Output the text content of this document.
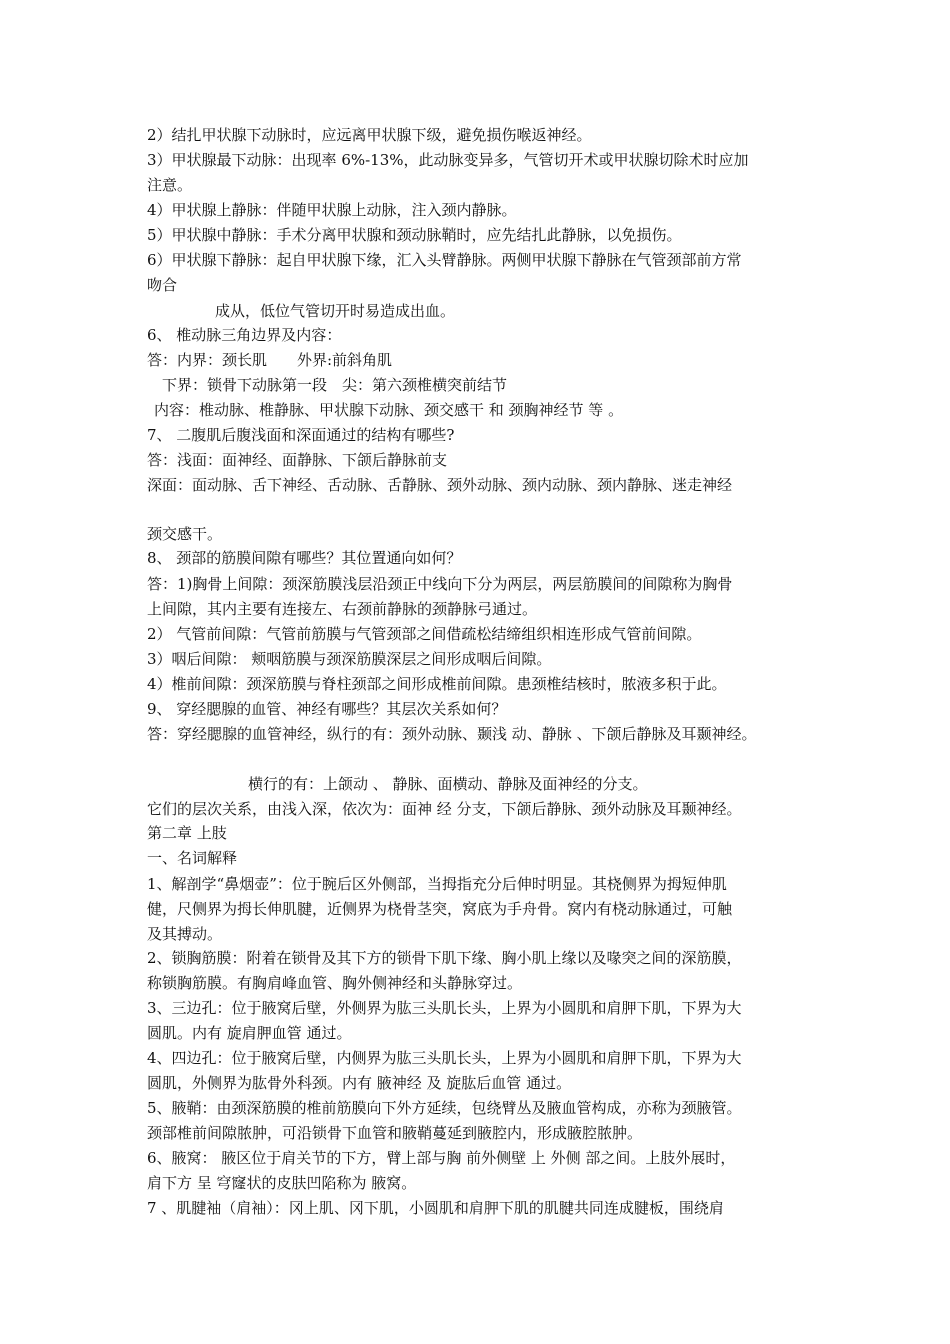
2）结扎甲状腺下动脉时，应远离甲状腺下级，避免损伤喉返神经。
3）甲状腺最下动脉：出现率 6%-13%，此动脉变异多，气管切开术或甲状腺切除术时应加
注意。
4）甲状腺上静脉：伴随甲状腺上动脉，注入颈内静脉。
5）甲状腺中静脉：手术分离甲状腺和颈动脉鞘时，应先结扎此静脉，以免损伤。
6）甲状腺下静脉：起自甲状腺下缘，汇入头臂静脉。两侧甲状腺下静脉在气管颈部前方常
吻合
成从，低位气管切开时易造成出血。
6、 椎动脉三角边界及内容：
答：内界：颈长肌　　外界:前斜角肌
下界：锁骨下动脉第一段　尖：第六颈椎横突前结节
内容：椎动脉、椎静脉、甲状腺下动脉、颈交感干 和 颈胸神经节 等 。
7、 二腹肌后腹浅面和深面通过的结构有哪些?
答：浅面：面神经、面静脉、下颌后静脉前支
深面：面动脉、舌下神经、舌动脉、舌静脉、颈外动脉、颈内动脉、颈内静脉、迷走神经
颈交感干。
8、 颈部的筋膜间隙有哪些？其位置通向如何？
答：1)胸骨上间隙：颈深筋膜浅层沿颈正中线向下分为两层，两层筋膜间的间隙称为胸骨
上间隙，其内主要有连接左、右颈前静脉的颈静脉弓通过。
2） 气管前间隙：气管前筋膜与气管颈部之间借疏松结缔组织相连形成气管前间隙。
3）咽后间隙： 颊咽筋膜与颈深筋膜深层之间形成咽后间隙。
4）椎前间隙：颈深筋膜与脊柱颈部之间形成椎前间隙。患颈椎结核时，脓液多积于此。
9、 穿经腮腺的血管、神经有哪些？其层次关系如何？
答：穿经腮腺的血管神经，纵行的有：颈外动脉、颞浅 动、静脉 、下颌后静脉及耳颞神经。
横行的有：上颌动 、 静脉、面横动、静脉及面神经的分支。
它们的层次关系，由浅入深，依次为：面神 经 分支，下颌后静脉、颈外动脉及耳颞神经。
第二章 上肢
一、名词解释
1、解剖学“鼻烟壶”：位于腕后区外侧部，当拇指充分后伸时明显。其桡侧界为拇短伸肌
健，尺侧界为拇长伸肌腱，近侧界为桡骨茎突，窝底为手舟骨。窝内有桡动脉通过，可触
及其搏动。
2、锁胸筋膜：附着在锁骨及其下方的锁骨下肌下缘、胸小肌上缘以及喙突之间的深筋膜，
称锁胸筋膜。有胸肩峰血管、胸外侧神经和头静脉穿过。
3、三边孔：位于腋窝后壁，外侧界为肱三头肌长头，上界为小圆肌和肩胛下肌，下界为大
圆肌。内有 旋肩胛血管 通过。
4、四边孔：位于腋窝后壁，内侧界为肱三头肌长头，上界为小圆肌和肩胛下肌，下界为大
圆肌，外侧界为肱骨外科颈。内有 腋神经 及 旋肱后血管 通过。
5、腋鞘：由颈深筋膜的椎前筋膜向下外方延续，包绕臂丛及腋血管构成，亦称为颈腋管。
颈部椎前间隙脓肿，可沿锁骨下血管和腋鞘蔓延到腋腔内，形成腋腔脓肿。
6、腋窝： 腋区位于肩关节的下方，臂上部与胸 前外侧壁 上 外侧 部之间。上肢外展时，
肩下方 呈 穹窿状的皮肤凹陷称为 腋窝。
7 、肌腱袖（肩袖）：冈上肌、冈下肌，小圆肌和肩胛下肌的肌腱共同连成腱板，围绕肩
